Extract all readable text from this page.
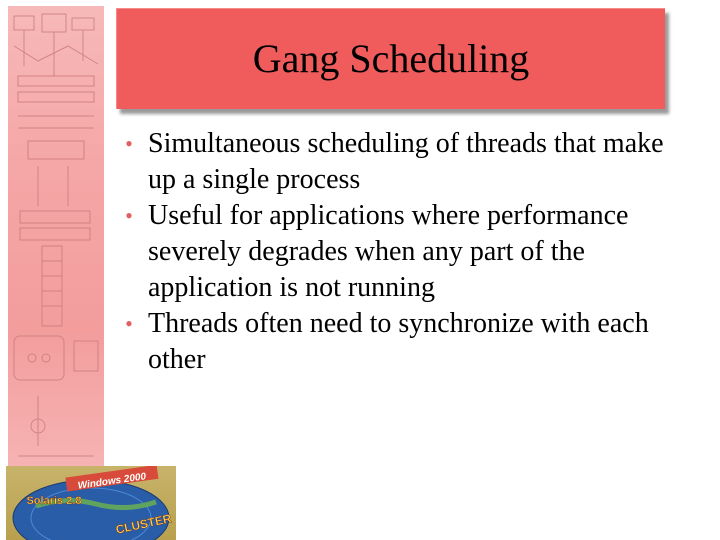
Windows 2000
Solaris 2.8
CLUSTER
Gang Scheduling
• Simultaneous scheduling of threads that make up a single process
• Useful for applications where performance severely degrades when any part of the application is not running
• Threads often need to synchronize with each other
